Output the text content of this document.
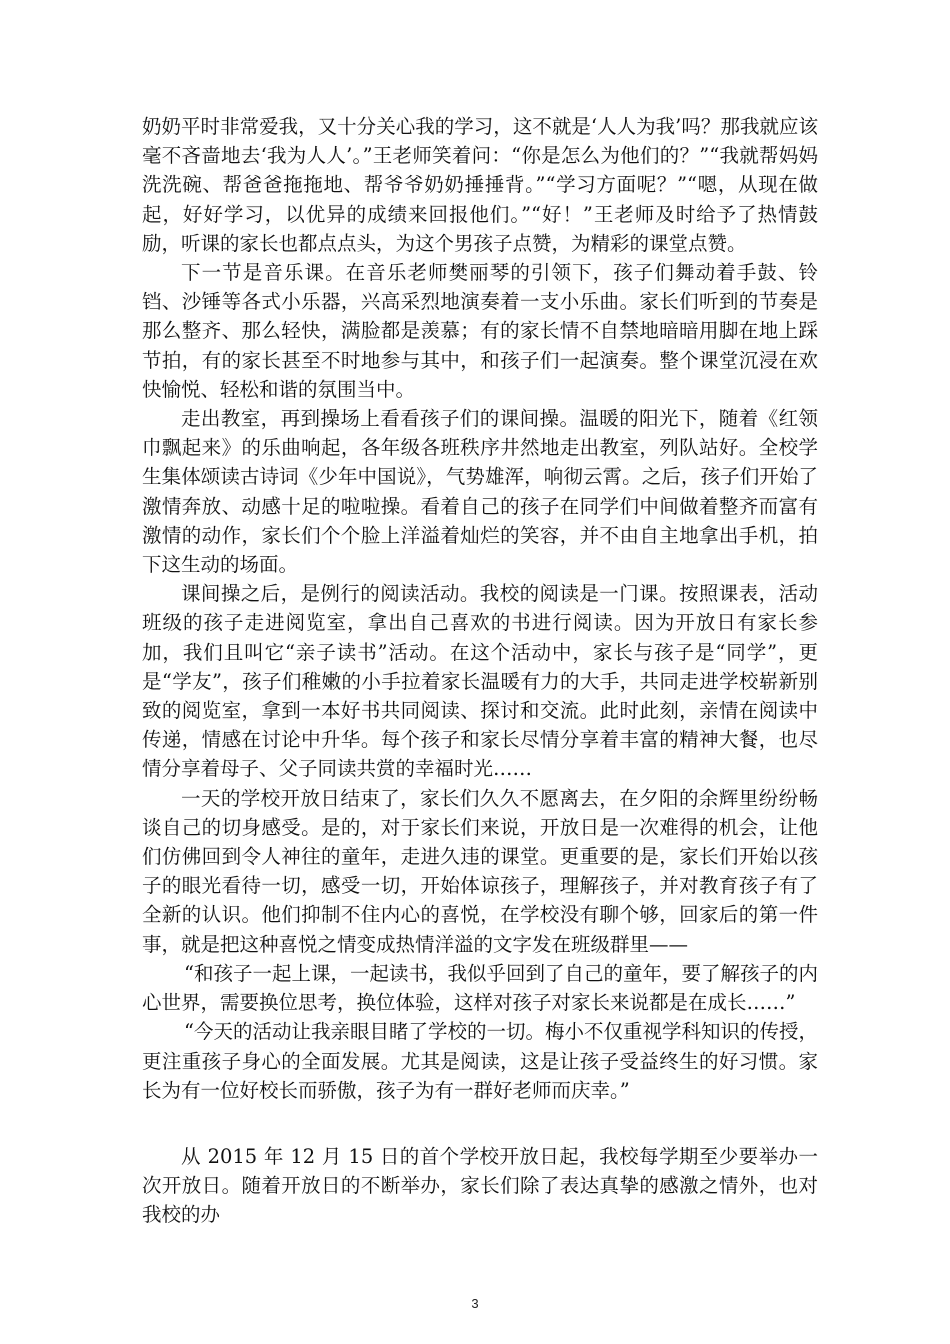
奶奶平时非常爱我，又十分关心我的学习，这不就是‘人人为我’吗？那我就应该毫不吝啬地去‘我为人人’。”王老师笑着问：“你是怎么为他们的？”“我就帮妈妈洗洗碗、帮爸爸拖拖地、帮爷爷奶奶捶捶背。”“学习方面呢？”“嗯，从现在做起，好好学习，以优异的成绩来回报他们。”“好！”王老师及时给予了热情鼓励，听课的家长也都点点头，为这个男孩子点赞，为精彩的课堂点赞。

下一节是音乐课。在音乐老师樊丽琴的引领下，孩子们舞动着手鼓、铃铛、沙锤等各式小乐器，兴高采烈地演奏着一支小乐曲。家长们听到的节奏是那么整齐、那么轻快，满脸都是羡慕；有的家长情不自禁地暗暗用脚在地上踩节拍，有的家长甚至不时地参与其中，和孩子们一起演奏。整个课堂沉浸在欢快愉悦、轻松和谐的氛围当中。

走出教室，再到操场上看看孩子们的课间操。温暖的阳光下，随着《红领巾飘起来》的乐曲响起，各年级各班秩序井然地走出教室，列队站好。全校学生集体颂读古诗词《少年中国说》，气势雄浑，响彻云霄。之后，孩子们开始了激情奔放、动感十足的啦啦操。看着自己的孩子在同学们中间做着整齐而富有激情的动作，家长们个个脸上洋溢着灿烂的笑容，并不由自主地拿出手机，拍下这生动的场面。

课间操之后，是例行的阅读活动。我校的阅读是一门课。按照课表，活动班级的孩子走进阅览室，拿出自己喜欢的书进行阅读。因为开放日有家长参加，我们且叫它“亲子读书”活动。在这个活动中，家长与孩子是“同学”，更是“学友”，孩子们稚嫩的小手拉着家长温暖有力的大手，共同走进学校崭新别致的阅览室，拿到一本好书共同阅读、探讨和交流。此时此刻，亲情在阅读中传递，情感在讨论中升华。每个孩子和家长尽情分享着丰富的精神大餐，也尽情分享着母子、父子同读共赏的幸福时光……

一天的学校开放日结束了，家长们久久不愿离去，在夕阳的余辉里纷纷畅谈自己的切身感受。是的，对于家长们来说，开放日是一次难得的机会，让他们仿佛回到令人神往的童年，走进久违的课堂。更重要的是，家长们开始以孩子的眼光看待一切，感受一切，开始体谅孩子，理解孩子，并对教育孩子有了全新的认识。他们抑制不住内心的喜悦，在学校没有聊个够，回家后的第一件事，就是把这种喜悦之情变成热情洋溢的文字发在班级群里——

“和孩子一起上课，一起读书，我似乎回到了自己的童年，要了解孩子的内心世界，需要换位思考，换位体验，这样对孩子对家长来说都是在成长……”

“今天的活动让我亲眼目睹了学校的一切。梅小不仅重视学科知识的传授，更注重孩子身心的全面发展。尤其是阅读，这是让孩子受益终生的好习惯。家长为有一位好校长而骄傲，孩子为有一群好老师而庆幸。”

从 2015 年 12 月 15 日的首个学校开放日起，我校每学期至少要举办一次开放日。随着开放日的不断举办，家长们除了表达真挚的感激之情外，也对我校的办

3
